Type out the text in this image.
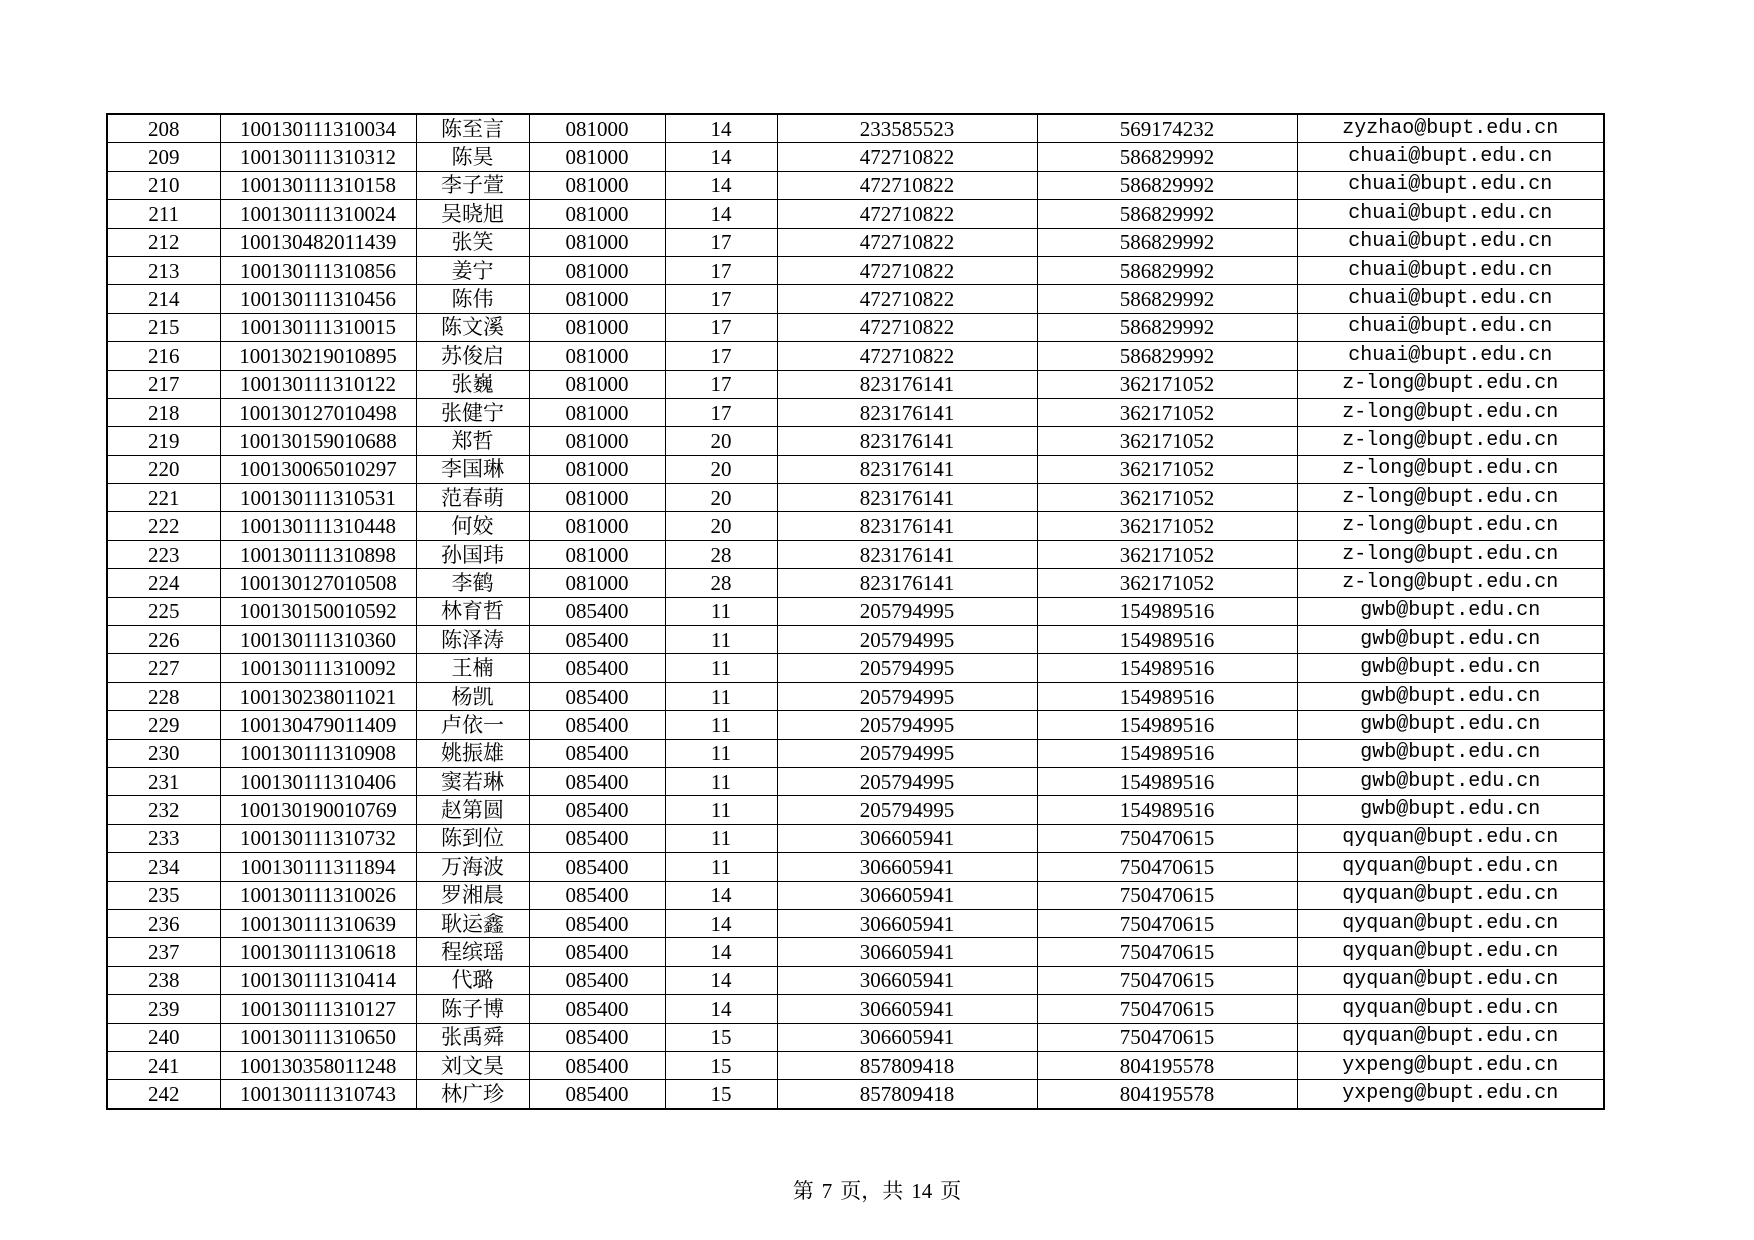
208	100130111310034	陈至言	081000	14	233585523	569174232	zyzhao@bupt.edu.cn
209	100130111310312	陈昊	081000	14	472710822	586829992	chuai@bupt.edu.cn
210	100130111310158	李子萱	081000	14	472710822	586829992	chuai@bupt.edu.cn
211	100130111310024	吴晓旭	081000	14	472710822	586829992	chuai@bupt.edu.cn
212	100130482011439	张笑	081000	17	472710822	586829992	chuai@bupt.edu.cn
213	100130111310856	姜宁	081000	17	472710822	586829992	chuai@bupt.edu.cn
214	100130111310456	陈伟	081000	17	472710822	586829992	chuai@bupt.edu.cn
215	100130111310015	陈文溪	081000	17	472710822	586829992	chuai@bupt.edu.cn
216	100130219010895	苏俊启	081000	17	472710822	586829992	chuai@bupt.edu.cn
217	100130111310122	张巍	081000	17	823176141	362171052	z-long@bupt.edu.cn
218	100130127010498	张健宁	081000	17	823176141	362171052	z-long@bupt.edu.cn
219	100130159010688	郑哲	081000	20	823176141	362171052	z-long@bupt.edu.cn
220	100130065010297	李国琳	081000	20	823176141	362171052	z-long@bupt.edu.cn
221	100130111310531	范春萌	081000	20	823176141	362171052	z-long@bupt.edu.cn
222	100130111310448	何姣	081000	20	823176141	362171052	z-long@bupt.edu.cn
223	100130111310898	孙国玮	081000	28	823176141	362171052	z-long@bupt.edu.cn
224	100130127010508	李鹤	081000	28	823176141	362171052	z-long@bupt.edu.cn
225	100130150010592	林育哲	085400	11	205794995	154989516	gwb@bupt.edu.cn
226	100130111310360	陈泽涛	085400	11	205794995	154989516	gwb@bupt.edu.cn
227	100130111310092	王楠	085400	11	205794995	154989516	gwb@bupt.edu.cn
228	100130238011021	杨凯	085400	11	205794995	154989516	gwb@bupt.edu.cn
229	100130479011409	卢依一	085400	11	205794995	154989516	gwb@bupt.edu.cn
230	100130111310908	姚振雄	085400	11	205794995	154989516	gwb@bupt.edu.cn
231	100130111310406	窦若琳	085400	11	205794995	154989516	gwb@bupt.edu.cn
232	100130190010769	赵第圆	085400	11	205794995	154989516	gwb@bupt.edu.cn
233	100130111310732	陈到位	085400	11	306605941	750470615	qyquan@bupt.edu.cn
234	100130111311894	万海波	085400	11	306605941	750470615	qyquan@bupt.edu.cn
235	100130111310026	罗湘晨	085400	14	306605941	750470615	qyquan@bupt.edu.cn
236	100130111310639	耿运鑫	085400	14	306605941	750470615	qyquan@bupt.edu.cn
237	100130111310618	程缤瑶	085400	14	306605941	750470615	qyquan@bupt.edu.cn
238	100130111310414	代璐	085400	14	306605941	750470615	qyquan@bupt.edu.cn
239	100130111310127	陈子博	085400	14	306605941	750470615	qyquan@bupt.edu.cn
240	100130111310650	张禹舜	085400	15	306605941	750470615	qyquan@bupt.edu.cn
241	100130358011248	刘文昊	085400	15	857809418	804195578	yxpeng@bupt.edu.cn
242	100130111310743	林广珍	085400	15	857809418	804195578	yxpeng@bupt.edu.cn
第 7 页，共 14 页
